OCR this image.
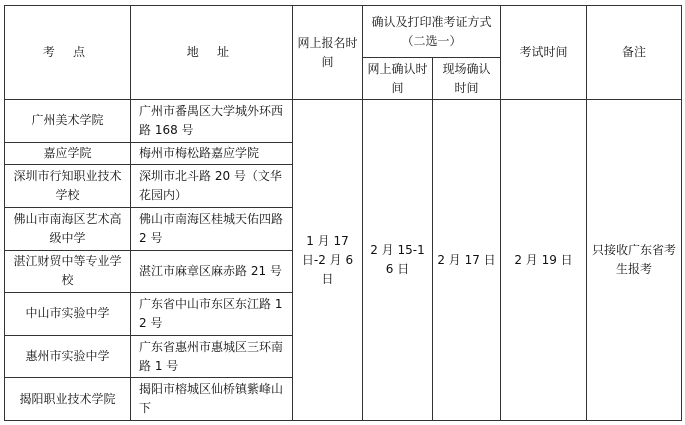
考 点	地 址	网上报名时间	确认及打印准考证方式（二选一）		考试时间	备注
			网上确认时间	现场确认时间		
广州美术学院	广州市番禺区大学城外环西路 168 号	1 月 17 日-2 月 6 日	2 月 15-16 日	2 月 17 日	2 月 19 日	只接收广东省考生报考
嘉应学院	梅州市梅松路嘉应学院					
深圳市行知职业技术学校	深圳市北斗路 20 号（文华花园内）					
佛山市南海区艺术高级中学	佛山市南海区桂城天佑四路 2 号					
湛江财贸中等专业学校	湛江市麻章区麻赤路 21 号					
中山市实验中学	广东省中山市东区东江路 12 号					
惠州市实验中学	广东省惠州市惠城区三环南路 1 号					
揭阳职业技术学院	揭阳市榕城区仙桥镇紫峰山下					
